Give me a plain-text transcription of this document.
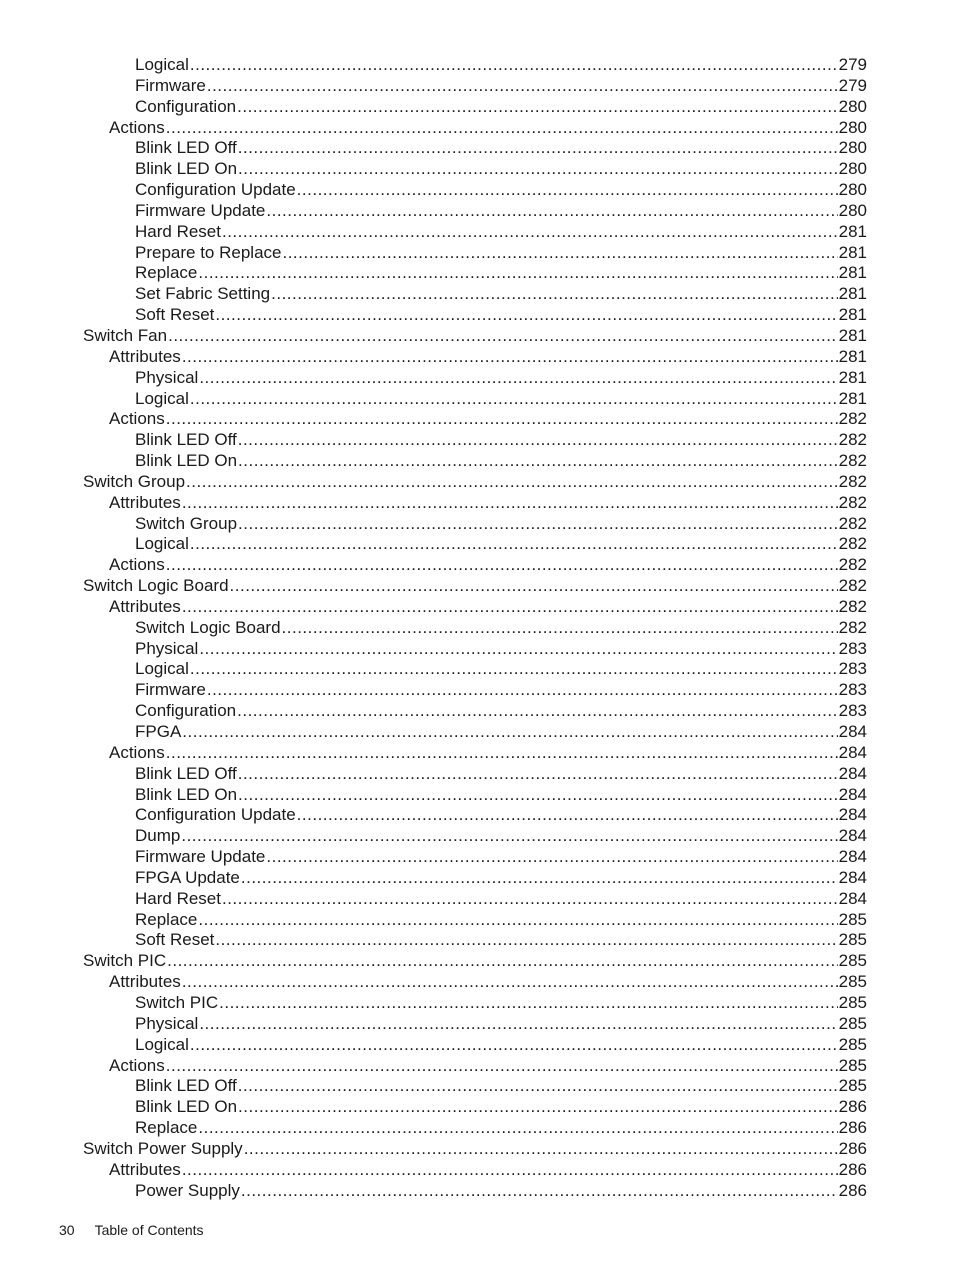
Logical .....	279
Firmware .....	279
Configuration .....	280
Actions .....	280
Blink LED Off .....	280
Blink LED On .....	280
Configuration Update .....	280
Firmware Update .....	280
Hard Reset .....	281
Prepare to Replace .....	281
Replace .....	281
Set Fabric Setting .....	281
Soft Reset .....	281
Switch Fan .....	281
Attributes .....	281
Physical .....	281
Logical .....	281
Actions .....	282
Blink LED Off .....	282
Blink LED On .....	282
Switch Group .....	282
Attributes .....	282
Switch Group .....	282
Logical .....	282
Actions .....	282
Switch Logic Board .....	282
Attributes .....	282
Switch Logic Board .....	282
Physical .....	283
Logical .....	283
Firmware .....	283
Configuration .....	283
FPGA .....	284
Actions .....	284
Blink LED Off .....	284
Blink LED On .....	284
Configuration Update .....	284
Dump .....	284
Firmware Update .....	284
FPGA Update .....	284
Hard Reset .....	284
Replace .....	285
Soft Reset .....	285
Switch PIC .....	285
Attributes .....	285
Switch PIC .....	285
Physical .....	285
Logical .....	285
Actions .....	285
Blink LED Off .....	285
Blink LED On .....	286
Replace .....	286
Switch Power Supply .....	286
Attributes .....	286
Power Supply .....	286
30 Table of Contents
